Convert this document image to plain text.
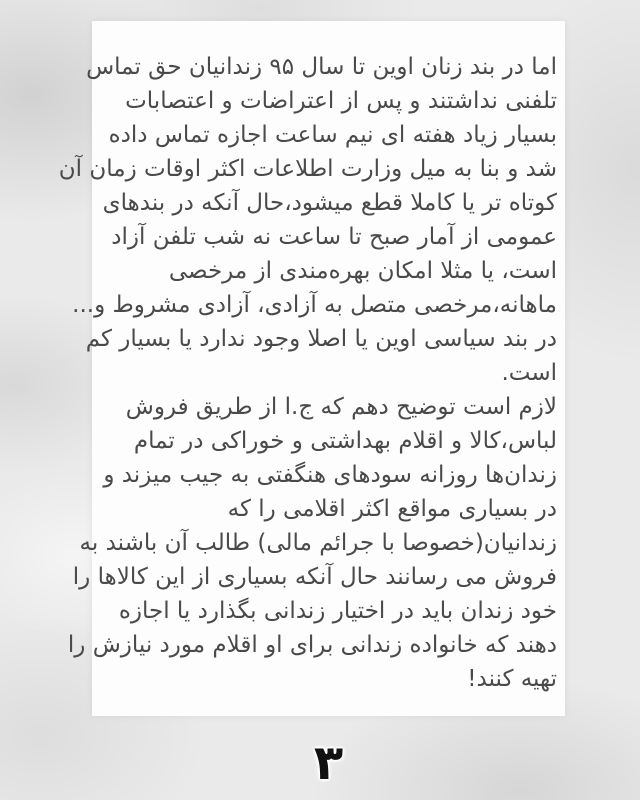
اما در بند زنان اوین تا سال ۹۵ زندانیان حق تماس
تلفنی نداشتند و پس از اعتراضات و اعتصابات
بسیار زیاد هفته ای نیم ساعت اجازه تماس داده
شد و بنا به میل وزارت اطلاعات اکثر اوقات زمان آن
کوتاه تر یا کاملا قطع میشود،حال آنکه در بندهای
عمومی از آمار صبح تا ساعت نه شب تلفن آزاد
است، یا مثلا امکان بهره‌مندی از مرخصی
ماهانه،مرخصی متصل به آزادی، آزادی مشروط و...
در بند سیاسی اوین یا اصلا وجود ندارد یا بسیار کم
است.
لازم است توضیح دهم که ج.ا از طریق فروش
لباس،کالا و اقلام بهداشتی و خوراکی در تمام
زندان‌ها روزانه سودهای هنگفتی به جیب میزند و
در بسیاری مواقع اکثر اقلامی را که
زندانیان(خصوصا با جرائم مالی) طالب آن باشند به
فروش می رسانند حال آنکه بسیاری از این کالاها را
خود زندان باید در اختیار زندانی بگذارد یا اجازه
دهند که خانواده زندانی برای او اقلام مورد نیازش را
تهیه کنند!
۳
